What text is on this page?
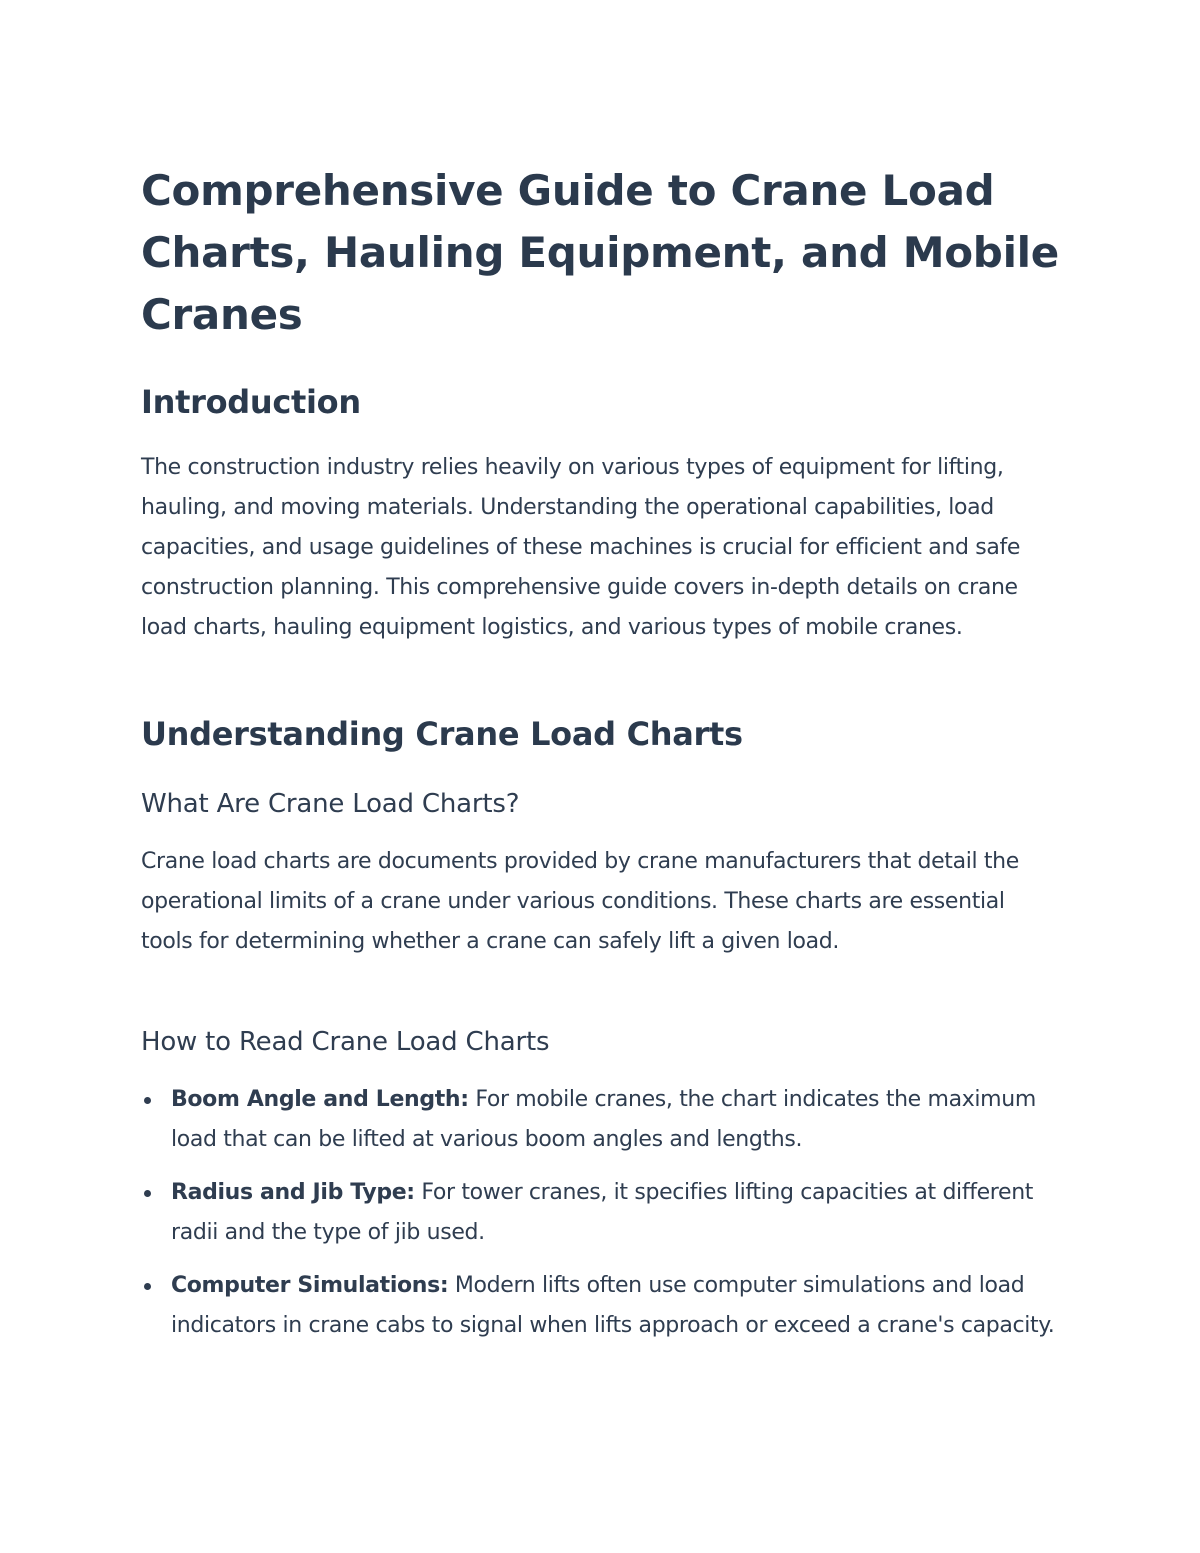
Comprehensive Guide to Crane Load Charts, Hauling Equipment, and Mobile Cranes
Introduction

The construction industry relies heavily on various types of equipment for lifting, hauling, and moving materials. Understanding the operational capabilities, load capacities, and usage guidelines of these machines is crucial for efficient and safe construction planning. This comprehensive guide covers in-depth details on crane load charts, hauling equipment logistics, and various types of mobile cranes.

Understanding Crane Load Charts
What Are Crane Load Charts?

Crane load charts are documents provided by crane manufacturers that detail the operational limits of a crane under various conditions. These charts are essential tools for determining whether a crane can safely lift a given load.

How to Read Crane Load Charts
Boom Angle and Length: For mobile cranes, the chart indicates the maximum load that can be lifted at various boom angles and lengths.
Radius and Jib Type: For tower cranes, it specifies lifting capacities at different radii and the type of jib used.
Computer Simulations: Modern lifts often use computer simulations and load indicators in crane cabs to signal when lifts approach or exceed a crane's capacity.
